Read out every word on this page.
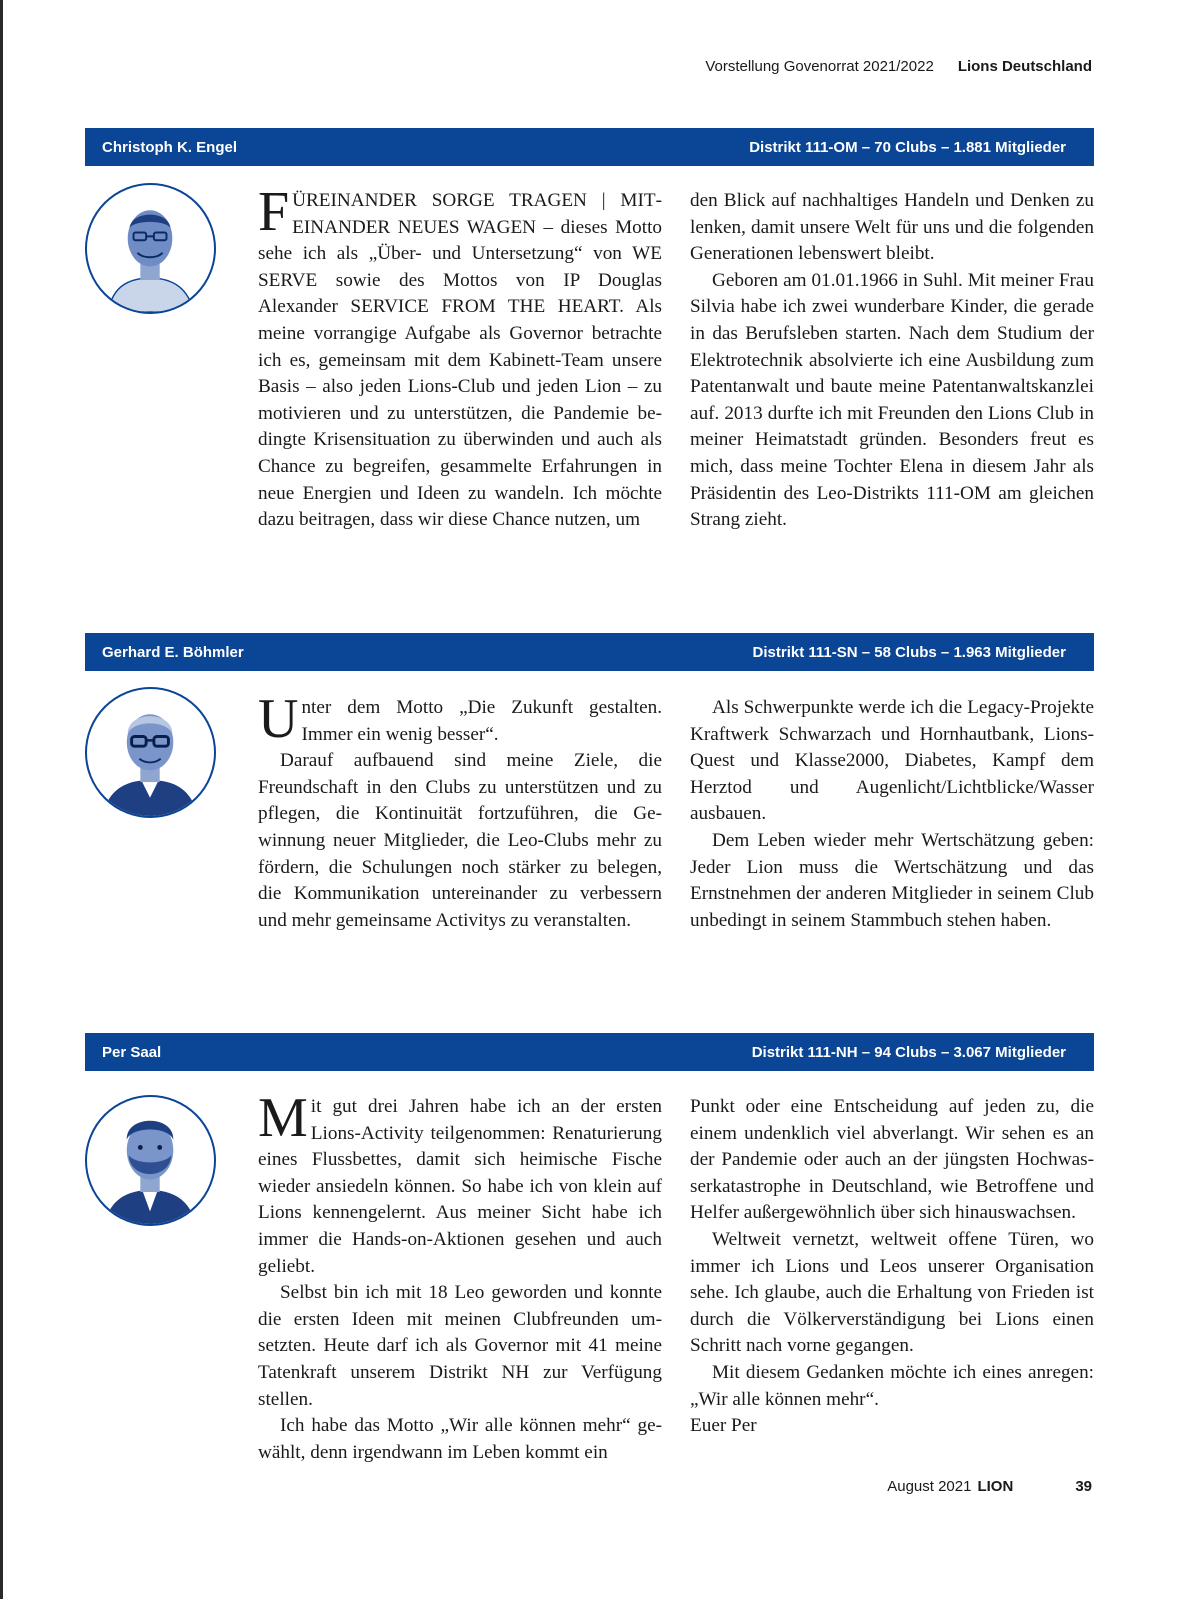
Vorstellung Govenorrat 2021/2022 Lions Deutschland
Christoph K. Engel	Distrikt 111-OM – 70 Clubs – 1.881 Mitglieder

FÜREINANDER SORGE TRAGEN | MITEINANDER NEUES WAGEN – dieses Motto sehe ich als „Über- und Untersetzung“ von WE SERVE sowie des Mottos von IP Douglas Alexander SERVICE FROM THE HEART. Als meine vorrangige Aufgabe als Governor betrachte ich es, gemeinsam mit dem Kabinett-Team unsere Basis – also jeden Lions-Club und jeden Lion – zu motivieren und zu unterstützen, die Pandemie bedingte Krisensituation zu überwinden und auch als Chance zu begreifen, gesammelte Erfahrungen in neue Energien und Ideen zu wandeln. Ich möchte dazu beitragen, dass wir diese Chance nutzen, um

den Blick auf nachhaltiges Handeln und Denken zu lenken, damit unsere Welt für uns und die folgenden Generationen lebenswert bleibt.

Geboren am 01.01.1966 in Suhl. Mit meiner Frau Silvia habe ich zwei wunderbare Kinder, die gerade in das Berufsleben starten. Nach dem Studium der Elektrotechnik absolvierte ich eine Ausbildung zum Patentanwalt und baute meine Patentanwaltskanzlei auf. 2013 durfte ich mit Freunden den Lions Club in meiner Heimatstadt gründen. Besonders freut es mich, dass meine Tochter Elena in diesem Jahr als Präsidentin des Leo-Distrikts 111-OM am gleichen Strang zieht.

Gerhard E. Böhmler	Distrikt 111-SN – 58 Clubs – 1.963 Mitglieder

Unter dem Motto „Die Zukunft gestalten. Immer ein wenig besser“.

Darauf aufbauend sind meine Ziele, die Freundschaft in den Clubs zu unterstützen und zu pflegen, die Kontinuität fortzuführen, die Gewinnung neuer Mitglieder, die Leo-Clubs mehr zu fördern, die Schulungen noch stärker zu belegen, die Kommunikation untereinander zu verbessern und mehr gemeinsame Activitys zu veranstalten.

Als Schwerpunkte werde ich die Legacy-Projekte Kraftwerk Schwarzach und Hornhautbank, Lions-Quest und Klasse2000, Diabetes, Kampf dem Herztod und Augenlicht/Lichtblicke/Wasser ausbauen.

Dem Leben wieder mehr Wertschätzung geben: Jeder Lion muss die Wertschätzung und das Ernstnehmen der anderen Mitglieder in seinem Club unbedingt in seinem Stammbuch stehen haben.

Per Saal	Distrikt 111-NH – 94 Clubs – 3.067 Mitglieder

Mit gut drei Jahren habe ich an der ersten Lions-Activity teilgenommen: Renaturierung eines Flussbettes, damit sich heimische Fische wieder ansiedeln können. So habe ich von klein auf Lions kennengelernt. Aus meiner Sicht habe ich immer die Hands-on-Aktionen gesehen und auch geliebt.

Selbst bin ich mit 18 Leo geworden und konnte die ersten Ideen mit meinen Clubfreunden umsetzten. Heute darf ich als Governor mit 41 meine Tatenkraft unserem Distrikt NH zur Verfügung stellen.

Ich habe das Motto „Wir alle können mehr“ gewählt, denn irgendwann im Leben kommt ein

Punkt oder eine Entscheidung auf jeden zu, die einem undenklich viel abverlangt. Wir sehen es an der Pandemie oder auch an der jüngsten Hochwasserkatastrophe in Deutschland, wie Betroffene und Helfer außergewöhnlich über sich hinauswachsen.

Weltweit vernetzt, weltweit offene Türen, wo immer ich Lions und Leos unserer Organisation sehe. Ich glaube, auch die Erhaltung von Frieden ist durch die Völkerverständigung bei Lions einen Schritt nach vorne gegangen.

Mit diesem Gedanken möchte ich eines anregen: „Wir alle können mehr“.

Euer Per

August 2021 LION	39
